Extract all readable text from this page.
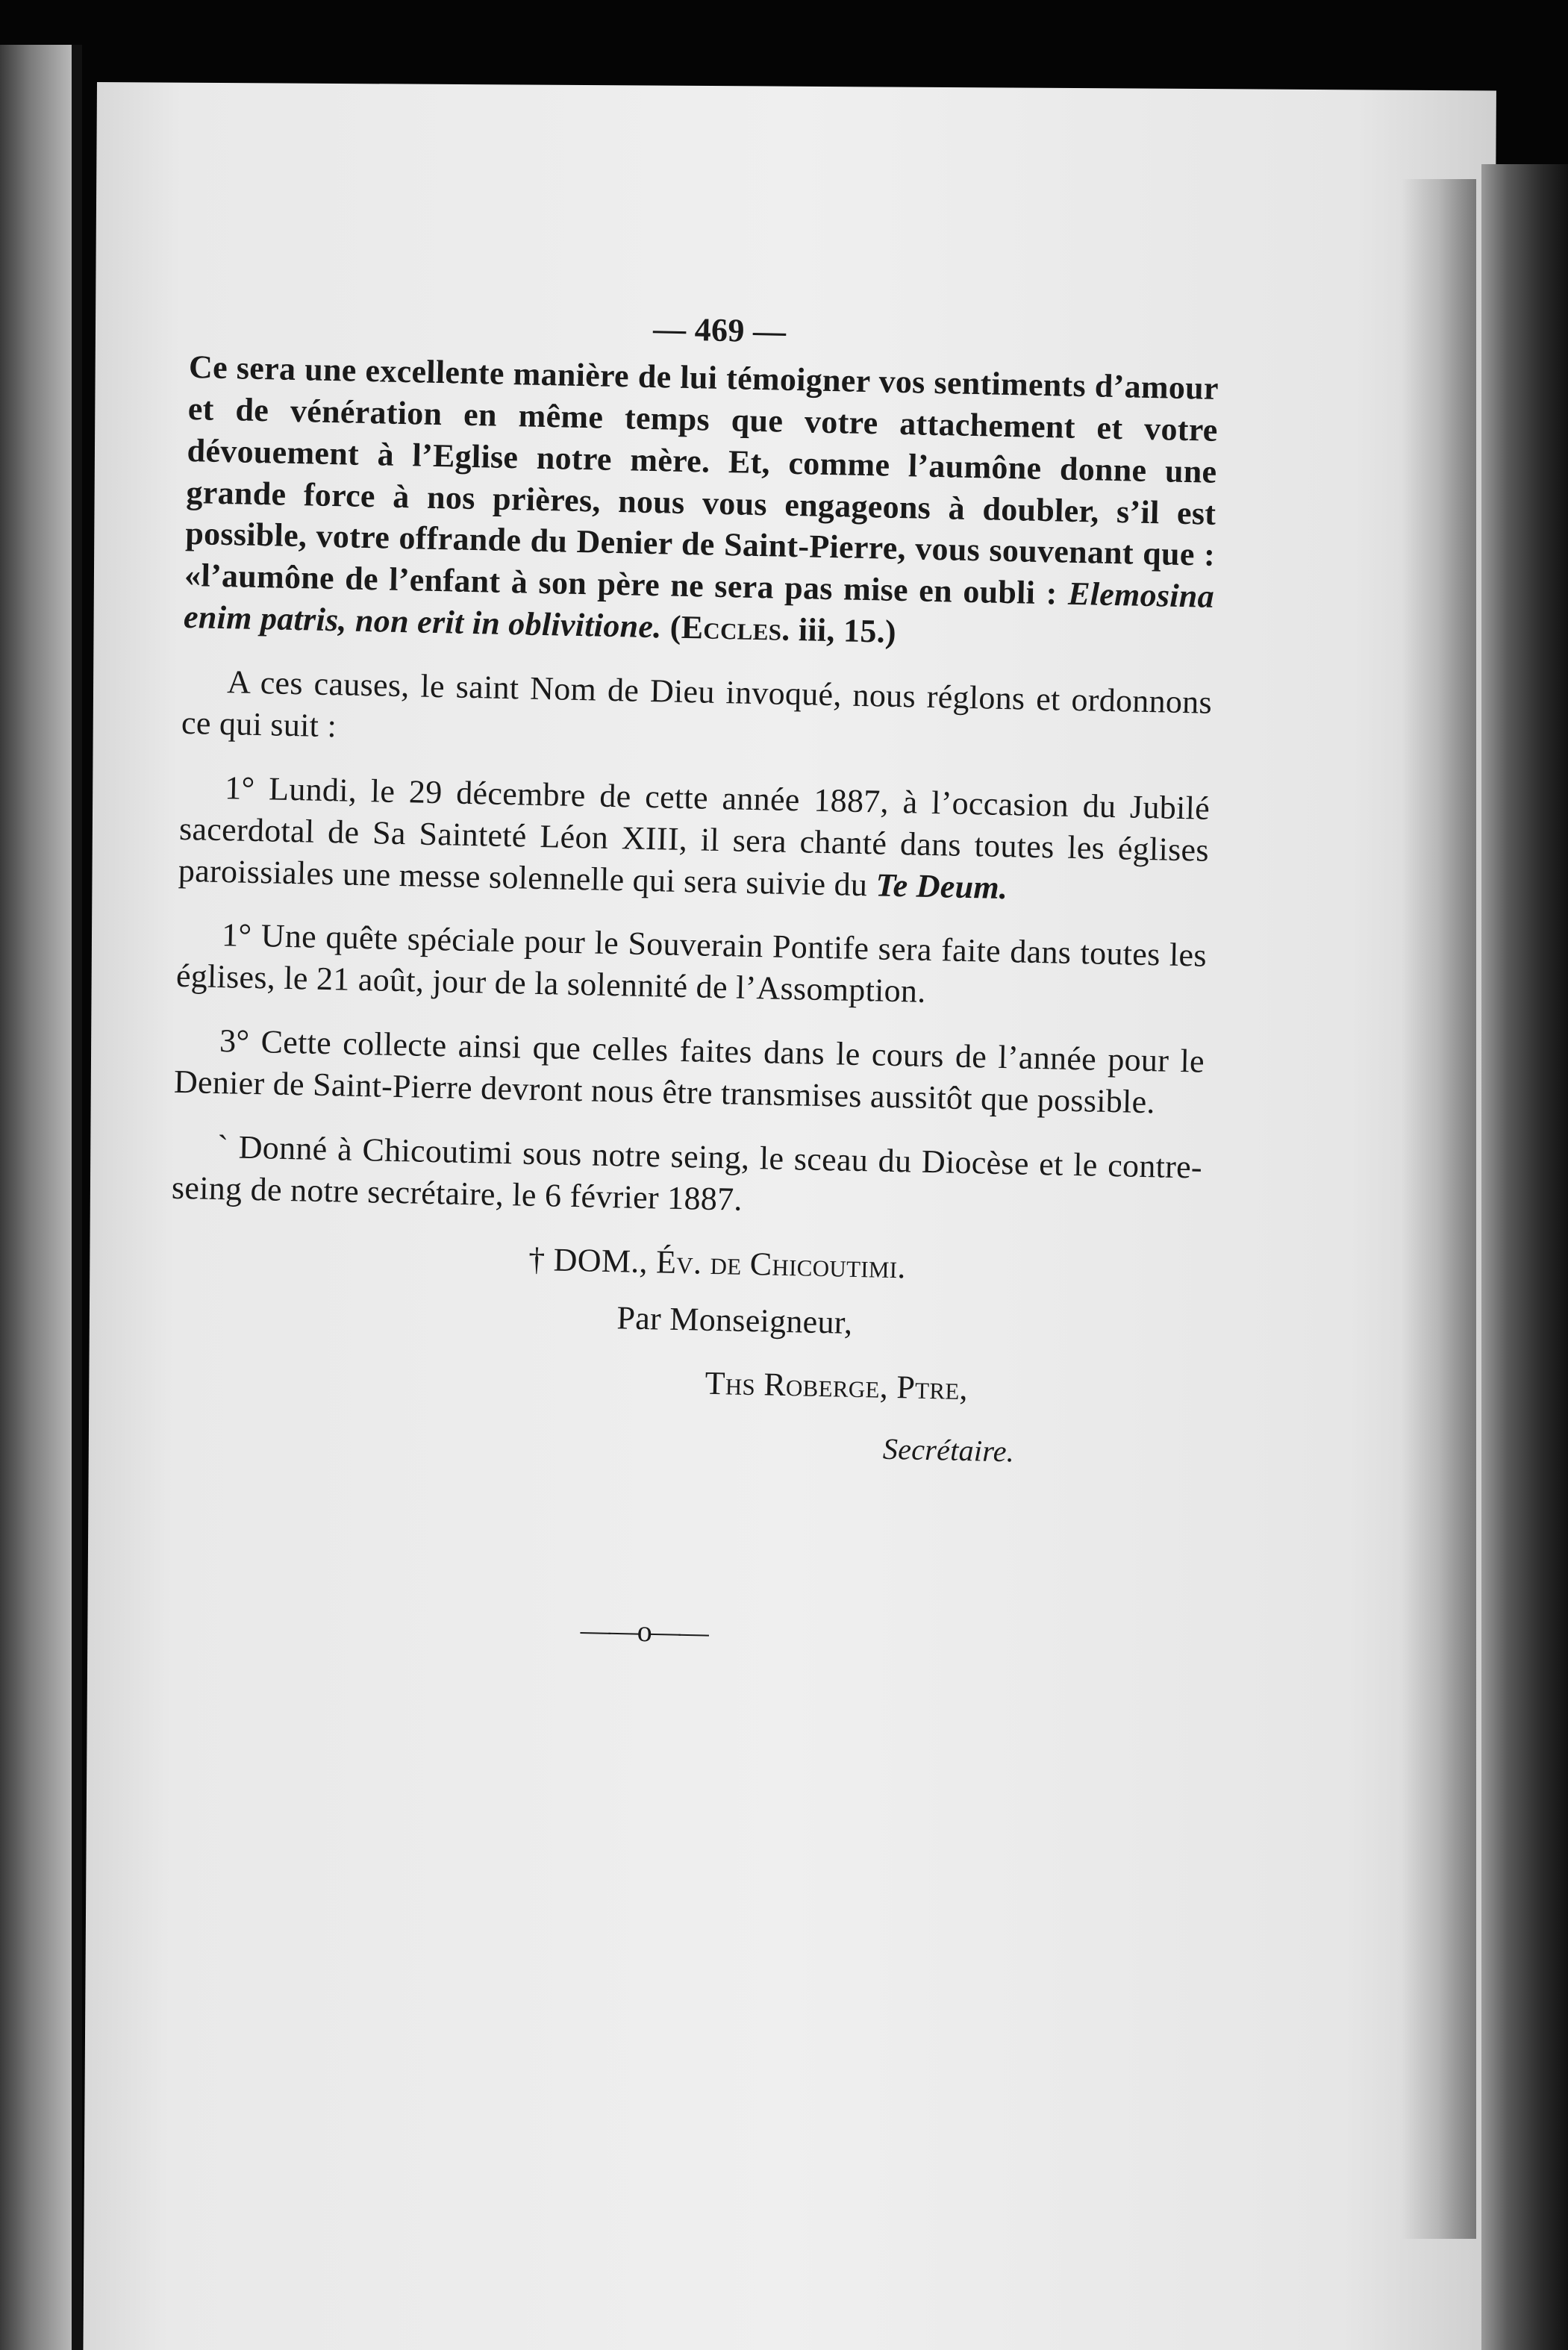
— 469 —

Ce sera une excellente manière de lui témoigner vos sentiments d’amour et de vénération en même temps que votre attachement et votre dévouement à l’Eglise notre mère. Et, comme l’aumône donne une grande force à nos prières, nous vous engageons à doubler, s’il est possible, votre offrande du Denier de Saint-Pierre, vous souvenant que : «l’aumône de l’enfant à son père ne sera pas mise en oubli : Elemosina enim patris, non erit in oblivitione. (Eccles. iii, 15.)

A ces causes, le saint Nom de Dieu invoqué, nous réglons et ordonnons ce qui suit :

1° Lundi, le 29 décembre de cette année 1887, à l’occasion du Jubilé sacerdotal de Sa Sainteté Léon XIII, il sera chanté dans toutes les églises paroissiales une messe solennelle qui sera suivie du Te Deum.

1° Une quête spéciale pour le Souverain Pontife sera faite dans toutes les églises, le 21 août, jour de la solennité de l’Assomption.

3° Cette collecte ainsi que celles faites dans le cours de l’année pour le Denier de Saint-Pierre devront nous être transmises aussitôt que possible.

` Donné à Chicoutimi sous notre seing, le sceau du Diocèse et le contre-seing de notre secrétaire, le 6 février 1887.

† DOM., Év. de Chicoutimi.
Par Monseigneur,
Ths Roberge, Ptre,
Secrétaire.
——o——
